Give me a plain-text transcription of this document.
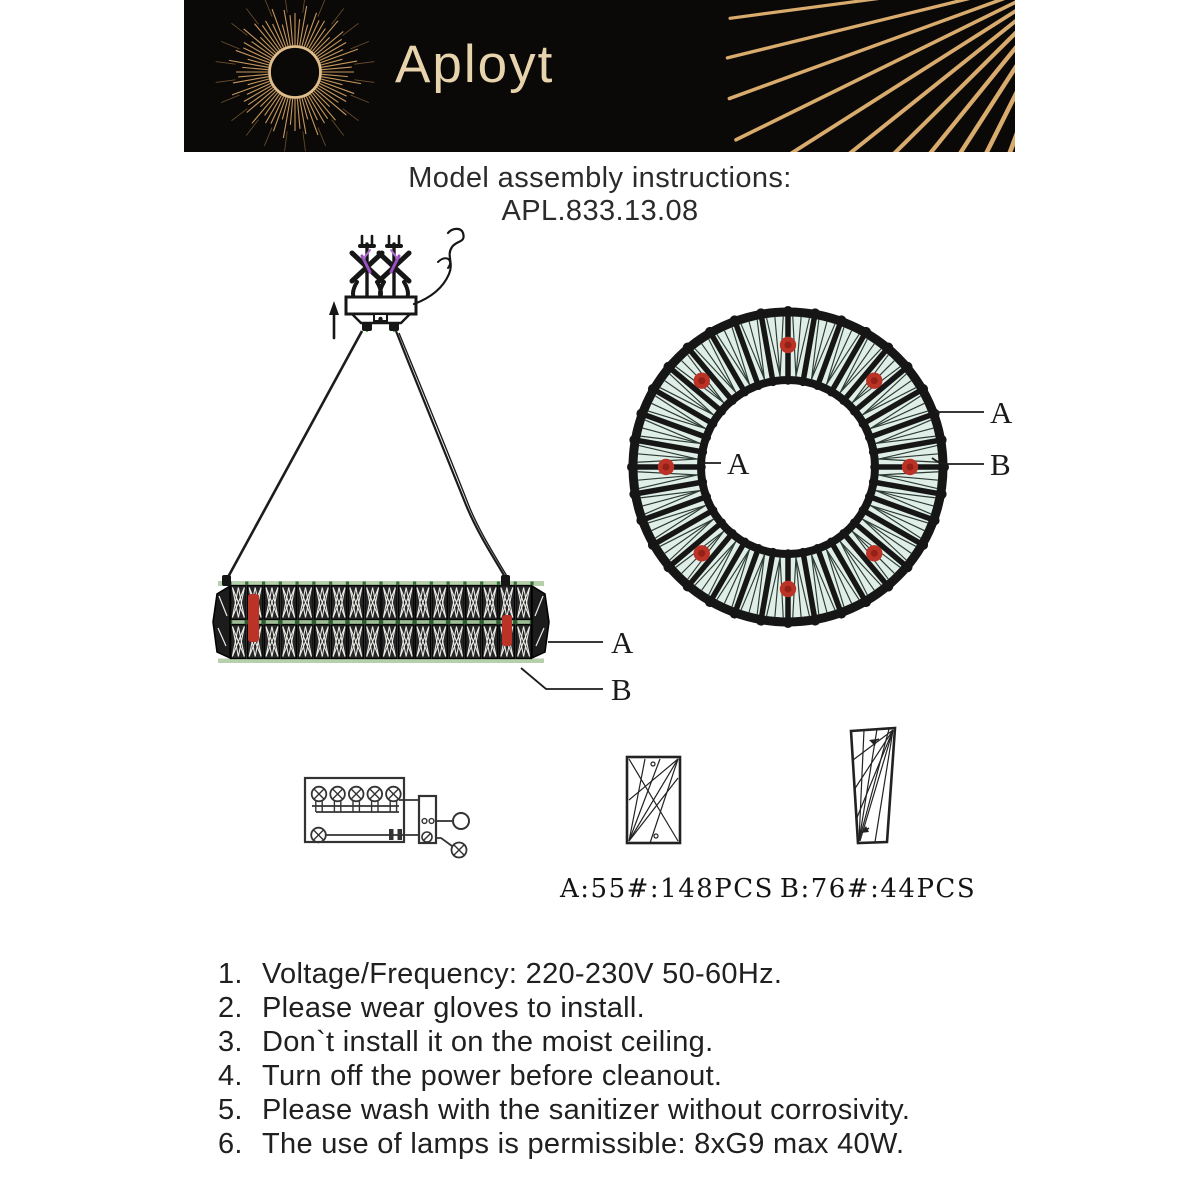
Aployt
Model assembly instructions:
APL.833.13.08
A
B
A
A
B
A:55#:148PCS B:76#:44PCS
1. Voltage/Frequency: 220-230V 50-60Hz.
2. Please wear gloves to install.
3. Don`t install it on the moist ceiling.
4. Turn off the power before cleanout.
5. Please wash with the sanitizer without corrosivity.
6. The use of lamps is permissible: 8xG9 max 40W.
